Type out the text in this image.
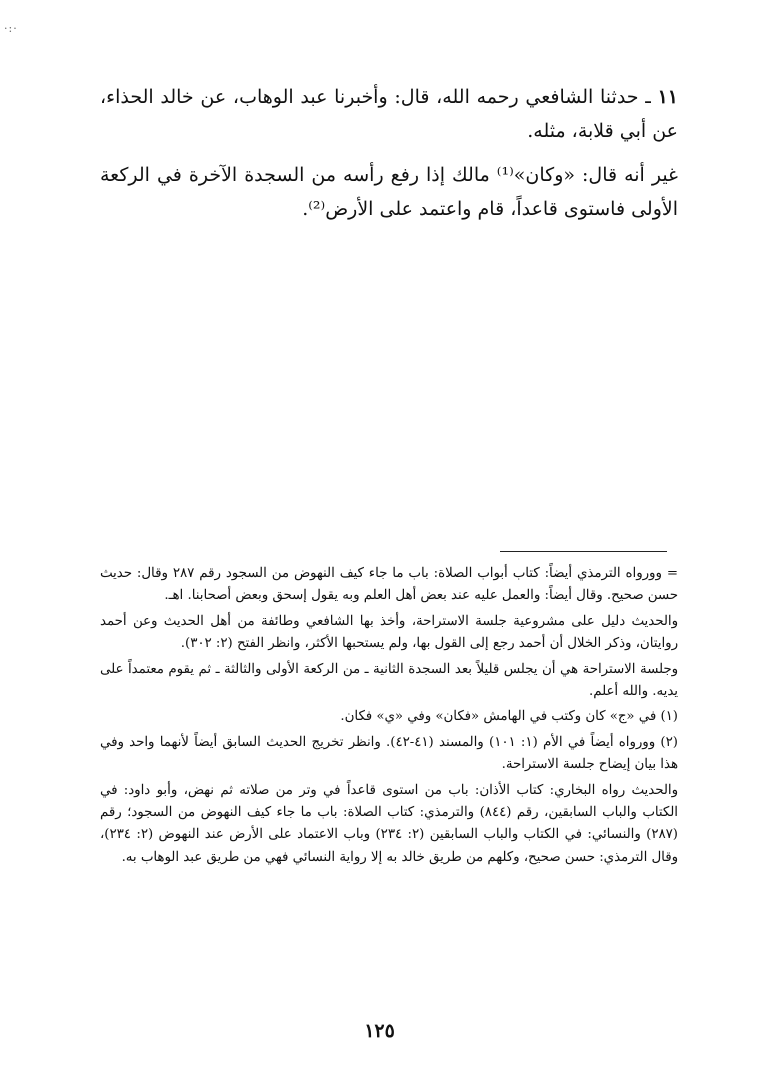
·:·

١١ ـ حدثنا الشافعي رحمه الله، قال: وأخبرنا عبد الوهاب، عن خالد الحذاء، عن أبي قلابة، مثله.

غير أنه قال: «وكان»⁽¹⁾ مالك إذا رفع رأسه من السجدة الآخرة في الركعة الأولى فاستوى قاعداً، قام واعتمد على الأرض⁽²⁾.

= وورواه الترمذي أيضاً: كتاب أبواب الصلاة: باب ما جاء كيف النهوض من السجود رقم ٢٨٧ وقال: حديث حسن صحيح. وقال أيضاً: والعمل عليه عند بعض أهل العلم وبه يقول إسحق وبعض أصحابنا. اهـ.

والحديث دليل على مشروعية جلسة الاستراحة، وأخذ بها الشافعي وطائفة من أهل الحديث وعن أحمد روايتان، وذكر الخلال أن أحمد رجع إلى القول بها، ولم يستحبها الأكثر، وانظر الفتح (٢: ٣٠٢).

وجلسة الاستراحة هي أن يجلس قليلاً بعد السجدة الثانية ـ من الركعة الأولى والثالثة ـ ثم يقوم معتمداً على يديه. والله أعلم.

(١) في «ج» كان وكتب في الهامش «فكان» وفي «ي» فكان.

(٢) وورواه أيضاً في الأم (١: ١٠١) والمسند (٤١-٤٢). وانظر تخريج الحديث السابق أيضاً لأنهما واحد وفي هذا بيان إيضاح جلسة الاستراحة.

والحديث رواه البخاري: كتاب الأذان: باب من استوى قاعداً في وتر من صلاته ثم نهض، وأبو داود: في الكتاب والباب السابقين، رقم (٨٤٤) والترمذي: كتاب الصلاة: باب ما جاء كيف النهوض من السجود؛ رقم (٢٨٧) والنسائي: في الكتاب والباب السابقين (٢: ٢٣٤) وباب الاعتماد على الأرض عند النهوض (٢: ٢٣٤)، وقال الترمذي: حسن صحيح، وكلهم من طريق خالد به إلا رواية النسائي فهي من طريق عبد الوهاب به.

١٢٥
